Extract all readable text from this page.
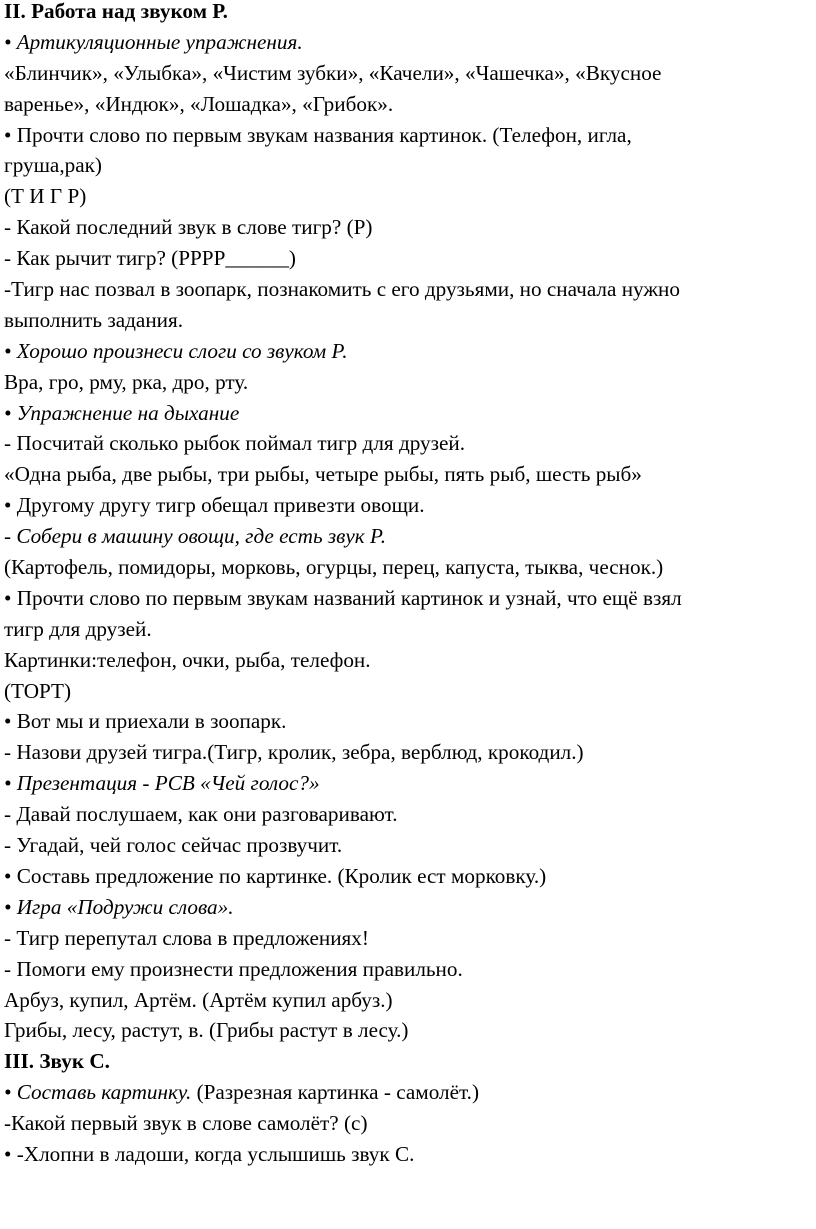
II. Работа над звуком Р.
• Артикуляционные упражнения.
«Блинчик», «Улыбка», «Чистим зубки», «Качели», «Чашечка», «Вкусное
варенье», «Индюк», «Лошадка», «Грибок».
• Прочти слово по первым звукам названия картинок. (Телефон, игла,
груша,рак)
(Т И Г Р)
- Какой последний звук в слове тигр? (Р)
- Как рычит тигр? (РРРР______)
-Тигр нас позвал в зоопарк, познакомить с его друзьями, но сначала нужно
выполнить задания.
• Хорошо произнеси слоги со звуком Р.
Вра, гро, рму, рка, дро, рту.
• Упражнение на дыхание
- Посчитай сколько рыбок поймал тигр для друзей.
«Одна рыба, две рыбы, три рыбы, четыре рыбы, пять рыб, шесть рыб»
• Другому другу тигр обещал привезти овощи.
- Собери в машину овощи, где есть звук Р.
(Картофель, помидоры, морковь, огурцы, перец, капуста, тыква, чеснок.)
• Прочти слово по первым звукам названий картинок и узнай, что ещё взял
тигр для друзей.
Картинки:телефон, очки, рыба, телефон.
(ТОРТ)
• Вот мы и приехали в зоопарк.
- Назови друзей тигра.(Тигр, кролик, зебра, верблюд, крокодил.)
• Презентация - РСВ «Чей голос?»
- Давай послушаем, как они разговаривают.
- Угадай, чей голос сейчас прозвучит.
• Составь предложение по картинке. (Кролик ест морковку.)
• Игра «Подружи слова».
- Тигр перепутал слова в предложениях!
- Помоги ему произнести предложения правильно.
Арбуз, купил, Артём. (Артём купил арбуз.)
Грибы, лесу, растут, в. (Грибы растут в лесу.)
III. Звук С.
• Составь картинку. (Разрезная картинка - самолёт.)
-Какой первый звук в слове самолёт? (с)
• -Хлопни в ладоши, когда услышишь звук С.
